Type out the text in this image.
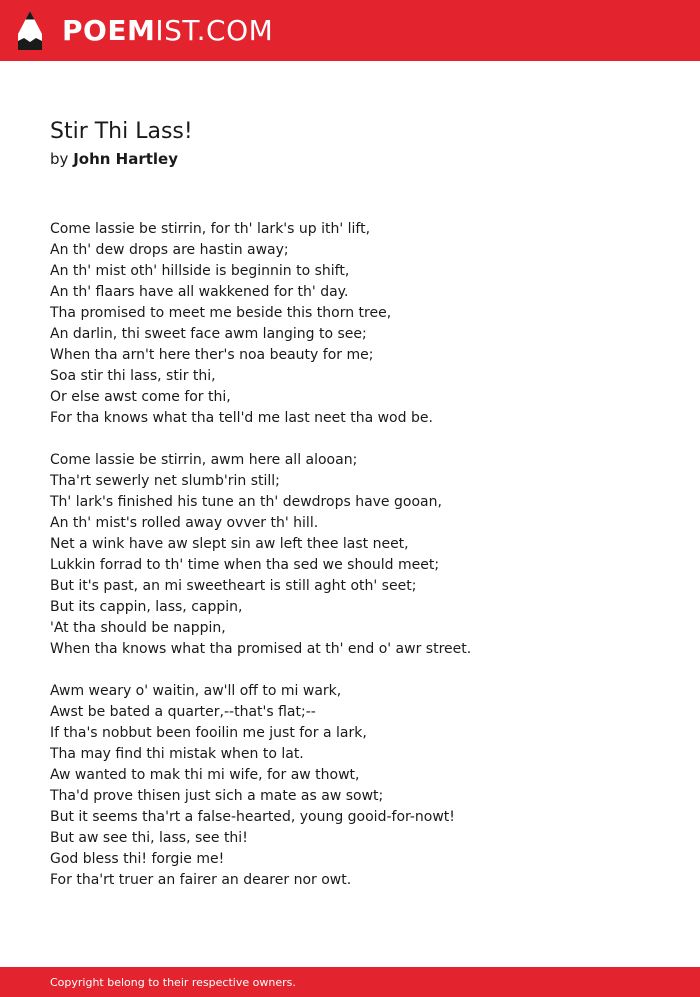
POEMIST.COM
Stir Thi Lass!
by John Hartley
Come lassie be stirrin, for th' lark's up ith' lift,
An th' dew drops are hastin away;
An th' mist oth' hillside is beginnin to shift,
An th' flaars have all wakkened for th' day.
Tha promised to meet me beside this thorn tree,
An darlin, thi sweet face awm langing to see;
When tha arn't here ther's noa beauty for me;
Soa stir thi lass, stir thi,
Or else awst come for thi,
For tha knows what tha tell'd me last neet tha wod be.
Come lassie be stirrin, awm here all alooan;
Tha'rt sewerly net slumb'rin still;
Th' lark's finished his tune an th' dewdrops have gooan,
An th' mist's rolled away ovver th' hill.
Net a wink have aw slept sin aw left thee last neet,
Lukkin forrad to th' time when tha sed we should meet;
But it's past, an mi sweetheart is still aght oth' seet;
But its cappin, lass, cappin,
'At tha should be nappin,
When tha knows what tha promised at th' end o' awr street.
Awm weary o' waitin, aw'll off to mi wark,
Awst be bated a quarter,--that's flat;--
If tha's nobbut been fooilin me just for a lark,
Tha may find thi mistak when to lat.
Aw wanted to mak thi mi wife, for aw thowt,
Tha'd prove thisen just sich a mate as aw sowt;
But it seems tha'rt a false-hearted, young gooid-for-nowt!
But aw see thi, lass, see thi!
God bless thi! forgie me!
For tha'rt truer an fairer an dearer nor owt.
Copyright belong to their respective owners.
